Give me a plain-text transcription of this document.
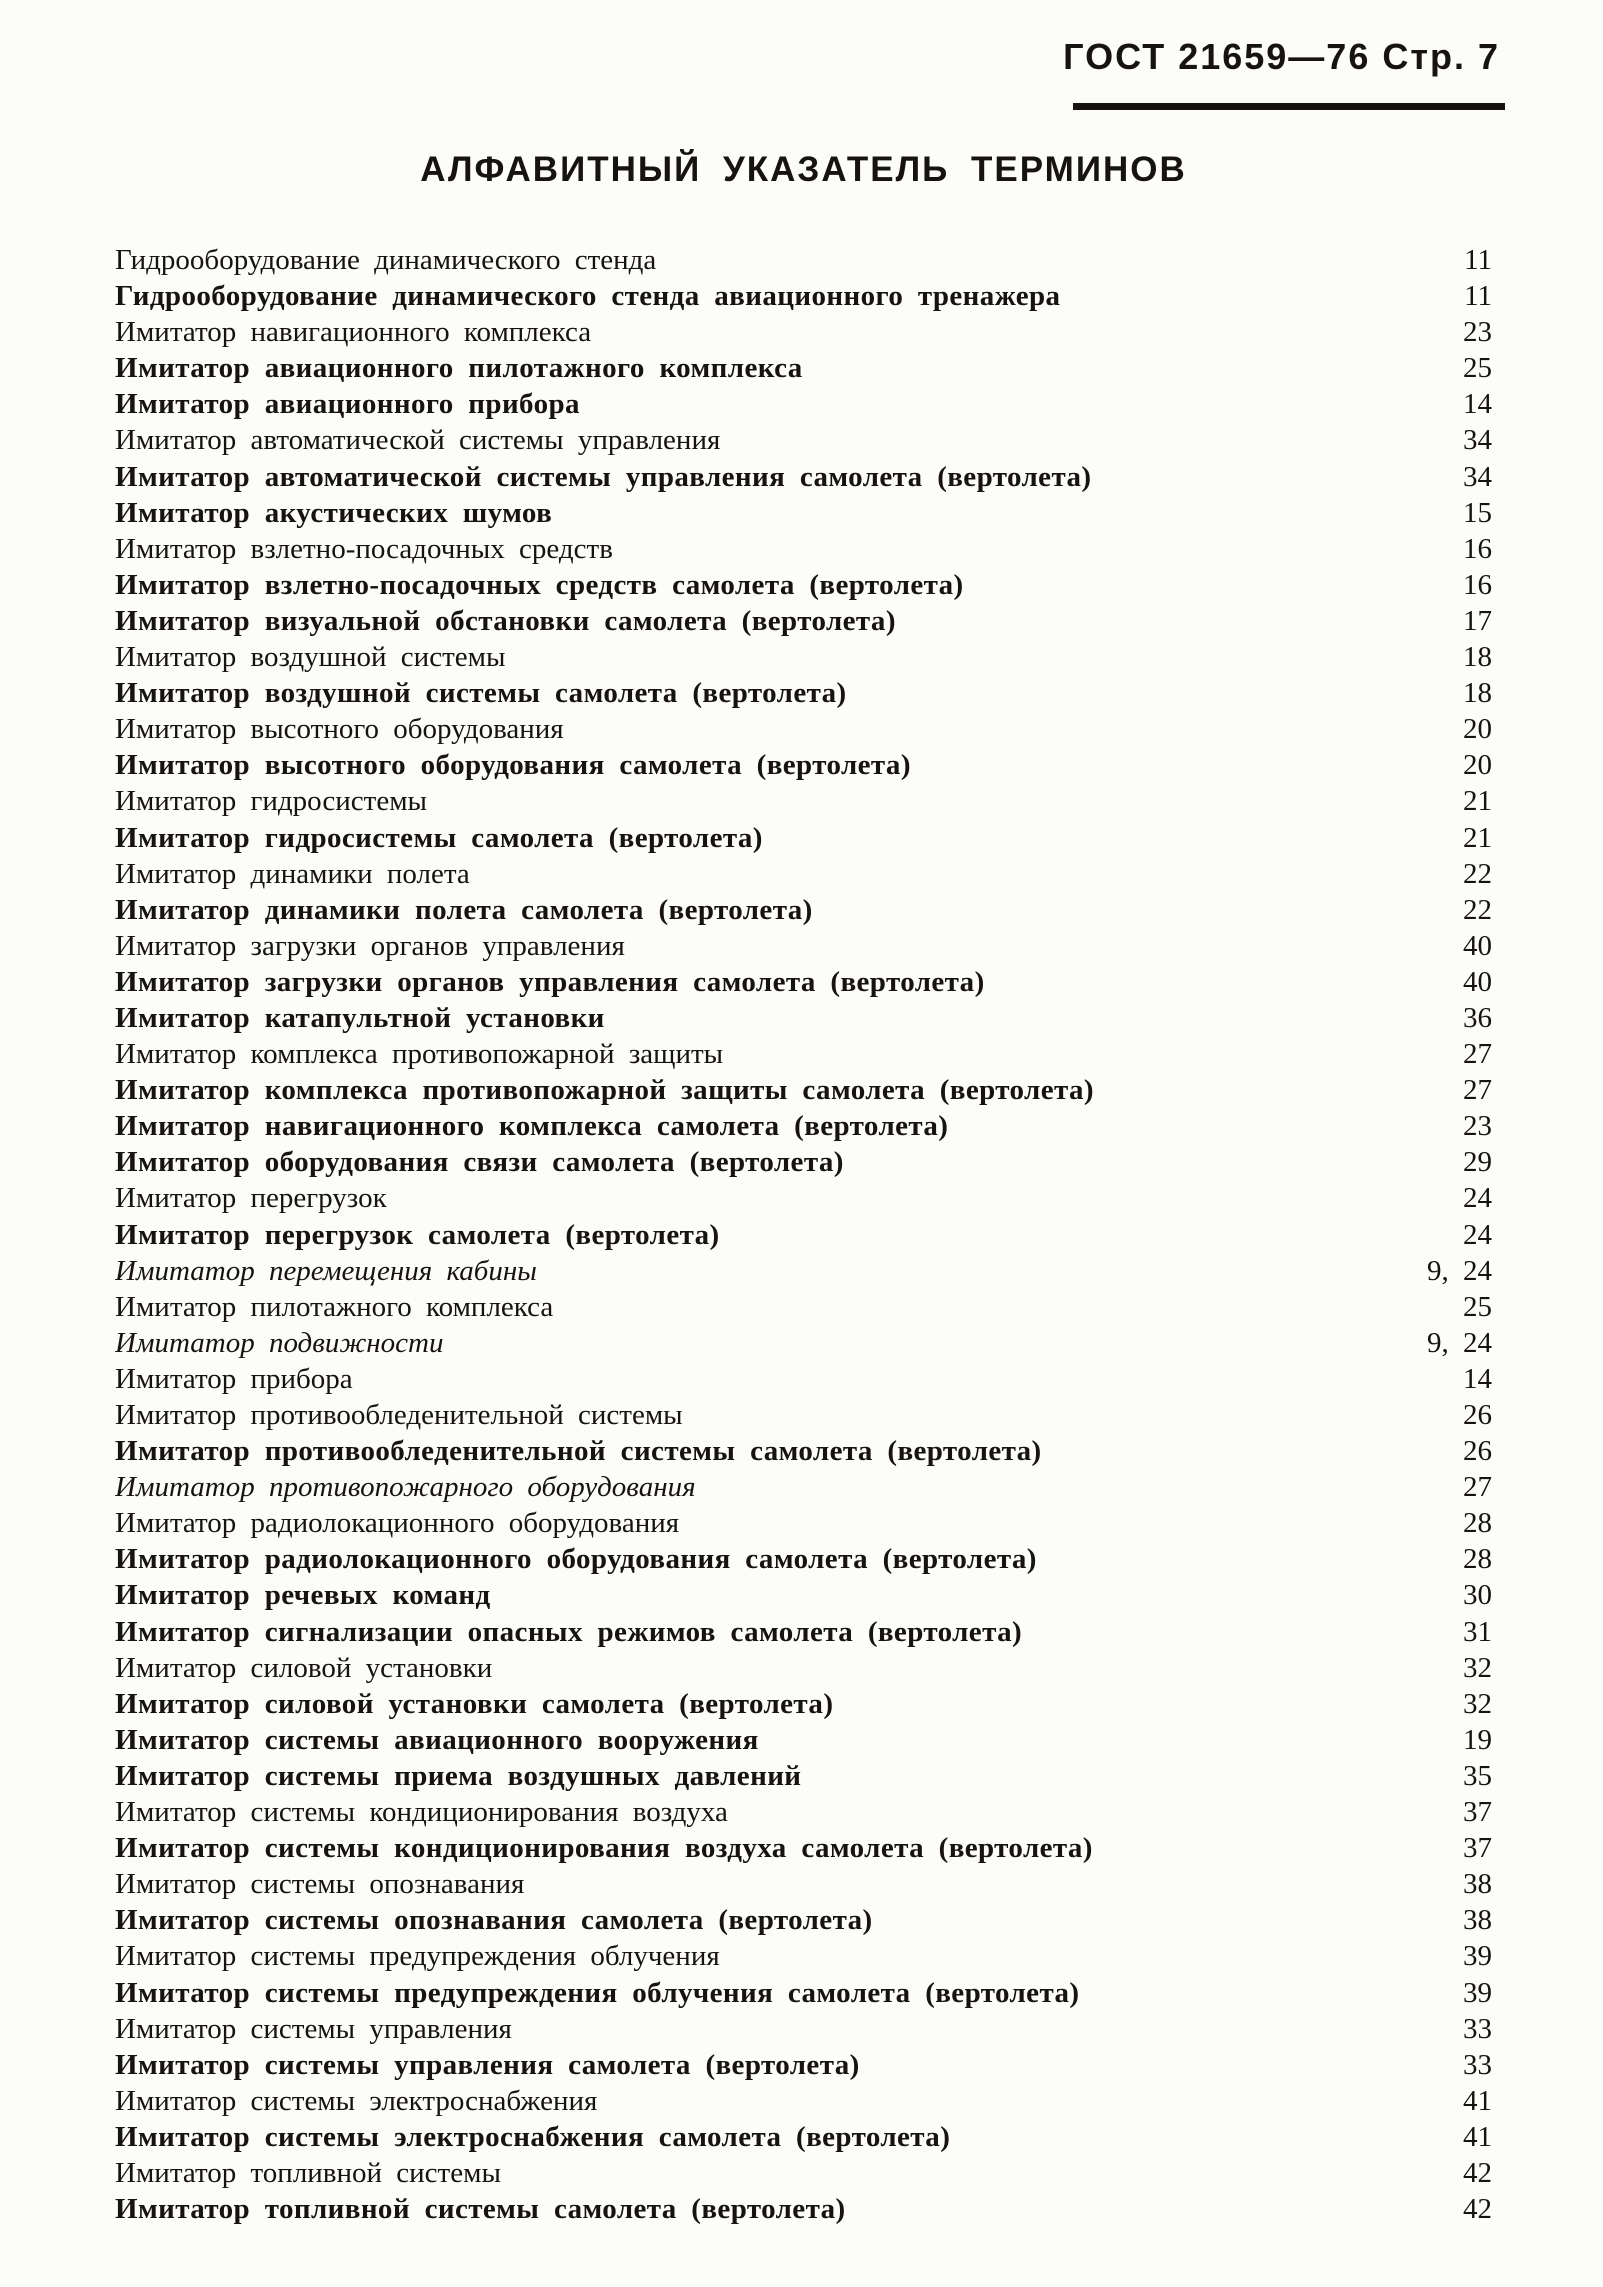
ГОСТ 21659—76 Стр. 7
АЛФАВИТНЫЙ УКАЗАТЕЛЬ ТЕРМИНОВ
Гидрооборудование динамического стенда	11
Гидрооборудование динамического стенда авиационного тренажера	11
Имитатор навигационного комплекса	23
Имитатор авиационного пилотажного комплекса	25
Имитатор авиационного прибора	14
Имитатор автоматической системы управления	34
Имитатор автоматической системы управления самолета (вертолета)	34
Имитатор акустических шумов	15
Имитатор взлетно-посадочных средств	16
Имитатор взлетно-посадочных средств самолета (вертолета)	16
Имитатор визуальной обстановки самолета (вертолета)	17
Имитатор воздушной системы	18
Имитатор воздушной системы самолета (вертолета)	18
Имитатор высотного оборудования	20
Имитатор высотного оборудования самолета (вертолета)	20
Имитатор гидросистемы	21
Имитатор гидросистемы самолета (вертолета)	21
Имитатор динамики полета	22
Имитатор динамики полета самолета (вертолета)	22
Имитатор загрузки органов управления	40
Имитатор загрузки органов управления самолета (вертолета)	40
Имитатор катапультной установки	36
Имитатор комплекса противопожарной защиты	27
Имитатор комплекса противопожарной защиты самолета (вертолета)	27
Имитатор навигационного комплекса самолета (вертолета)	23
Имитатор оборудования связи самолета (вертолета)	29
Имитатор перегрузок	24
Имитатор перегрузок самолета (вертолета)	24
Имитатор перемещения кабины	9, 24
Имитатор пилотажного комплекса	25
Имитатор подвижности	9, 24
Имитатор прибора	14
Имитатор противообледенительной системы	26
Имитатор противообледенительной системы самолета (вертолета)	26
Имитатор противопожарного оборудования	27
Имитатор радиолокационного оборудования	28
Имитатор радиолокационного оборудования самолета (вертолета)	28
Имитатор речевых команд	30
Имитатор сигнализации опасных режимов самолета (вертолета)	31
Имитатор силовой установки	32
Имитатор силовой установки самолета (вертолета)	32
Имитатор системы авиационного вооружения	19
Имитатор системы приема воздушных давлений	35
Имитатор системы кондиционирования воздуха	37
Имитатор системы кондиционирования воздуха самолета (вертолета)	37
Имитатор системы опознавания	38
Имитатор системы опознавания самолета (вертолета)	38
Имитатор системы предупреждения облучения	39
Имитатор системы предупреждения облучения самолета (вертолета)	39
Имитатор системы управления	33
Имитатор системы управления самолета (вертолета)	33
Имитатор системы электроснабжения	41
Имитатор системы электроснабжения самолета (вертолета)	41
Имитатор топливной системы	42
Имитатор топливной системы самолета (вертолета)	42
